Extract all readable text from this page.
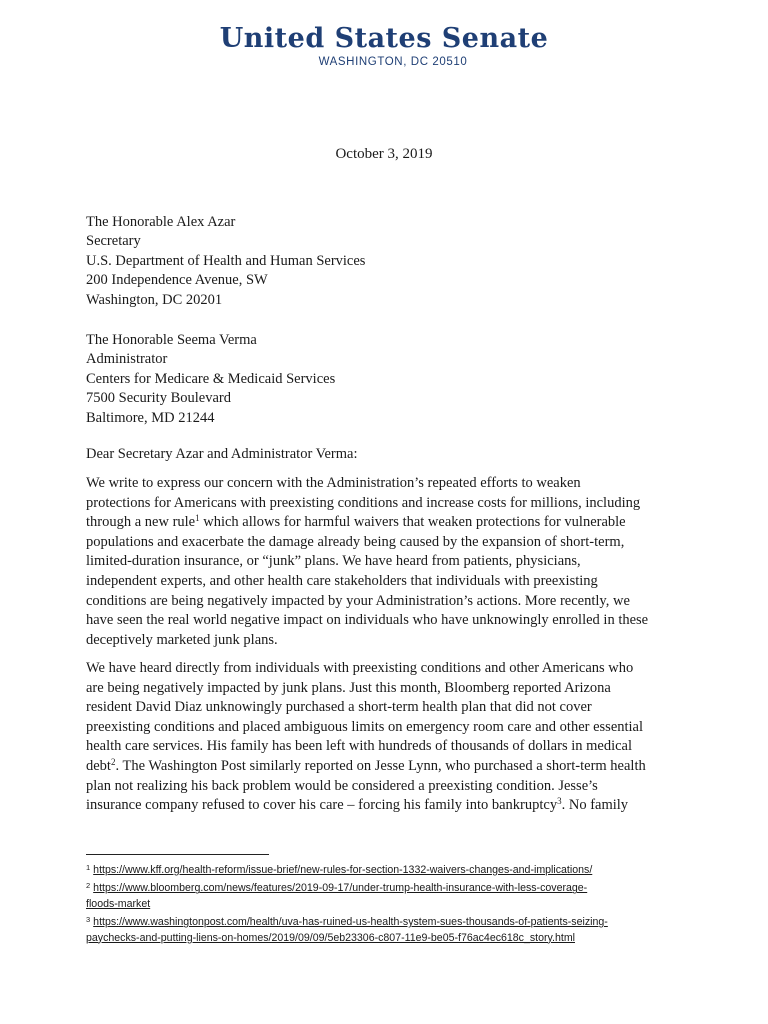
United States Senate
WASHINGTON, DC 20510
October 3, 2019
The Honorable Alex Azar
Secretary
U.S. Department of Health and Human Services
200 Independence Avenue, SW
Washington, DC 20201
The Honorable Seema Verma
Administrator
Centers for Medicare & Medicaid Services
7500 Security Boulevard
Baltimore, MD 21244
Dear Secretary Azar and Administrator Verma:
We write to express our concern with the Administration’s repeated efforts to weaken
protections for Americans with preexisting conditions and increase costs for millions, including
through a new rule$^1$ which allows for harmful waivers that weaken protections for vulnerable
populations and exacerbate the damage already being caused by the expansion of short-term,
limited-duration insurance, or “junk” plans. We have heard from patients, physicians,
independent experts, and other health care stakeholders that individuals with preexisting
conditions are being negatively impacted by your Administration’s actions. More recently, we
have seen the real world negative impact on individuals who have unknowingly enrolled in these
deceptively marketed junk plans.
We have heard directly from individuals with preexisting conditions and other Americans who
are being negatively impacted by junk plans. Just this month, Bloomberg reported Arizona
resident David Diaz unknowingly purchased a short-term health plan that did not cover
preexisting conditions and placed ambiguous limits on emergency room care and other essential
health care services. His family has been left with hundreds of thousands of dollars in medical
debt$^2$. The Washington Post similarly reported on Jesse Lynn, who purchased a short-term health
plan not realizing his back problem would be considered a preexisting condition. Jesse’s
insurance company refused to cover his care – forcing his family into bankruptcy$^3$. No family
$^1$ https://www.kff.org/health-reform/issue-brief/new-rules-for-section-1332-waivers-changes-and-implications/
$^2$ https://www.bloomberg.com/news/features/2019-09-17/under-trump-health-insurance-with-less-coverage-
floods-market
$^3$ https://www.washingtonpost.com/health/uva-has-ruined-us-health-system-sues-thousands-of-patients-seizing-
paychecks-and-putting-liens-on-homes/2019/09/09/5eb23306-c807-11e9-be05-f76ac4ec618c_story.html
